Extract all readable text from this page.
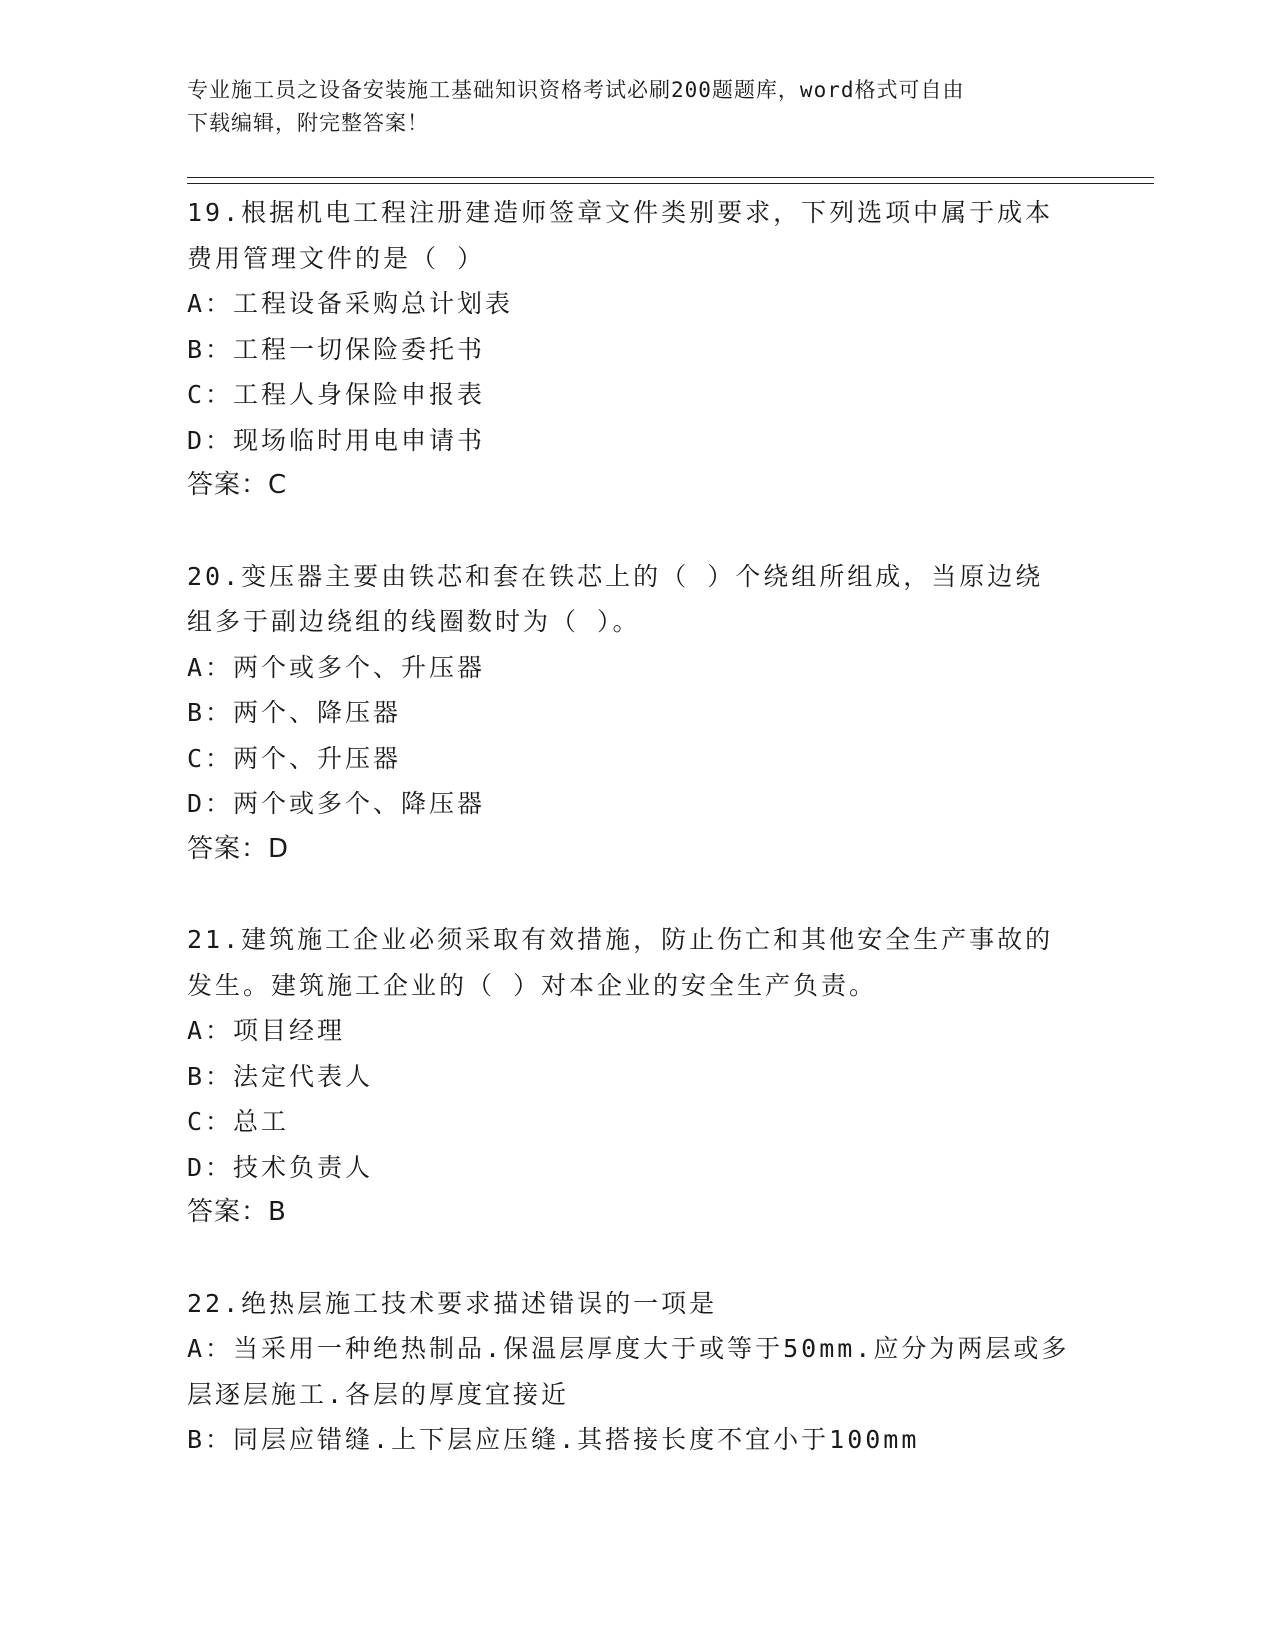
专业施工员之设备安装施工基础知识资格考试必刷200题题库，word格式可自由
下载编辑，附完整答案！

19.根据机电工程注册建造师签章文件类别要求，下列选项中属于成本

费用管理文件的是（ ）

A：工程设备采购总计划表

B：工程一切保险委托书

C：工程人身保险申报表

D：现场临时用电申请书

答案：C

20.变压器主要由铁芯和套在铁芯上的（ ）个绕组所组成，当原边绕

组多于副边绕组的线圈数时为（ ）。

A：两个或多个、升压器

B：两个、降压器

C：两个、升压器

D：两个或多个、降压器

答案：D

21.建筑施工企业必须采取有效措施，防止伤亡和其他安全生产事故的

发生。建筑施工企业的（ ）对本企业的安全生产负责。

A：项目经理

B：法定代表人

C：总工

D：技术负责人

答案：B

22.绝热层施工技术要求描述错误的一项是

A：当采用一种绝热制品.保温层厚度大于或等于50mm.应分为两层或多

层逐层施工.各层的厚度宜接近

B：同层应错缝.上下层应压缝.其搭接长度不宜小于100mm
